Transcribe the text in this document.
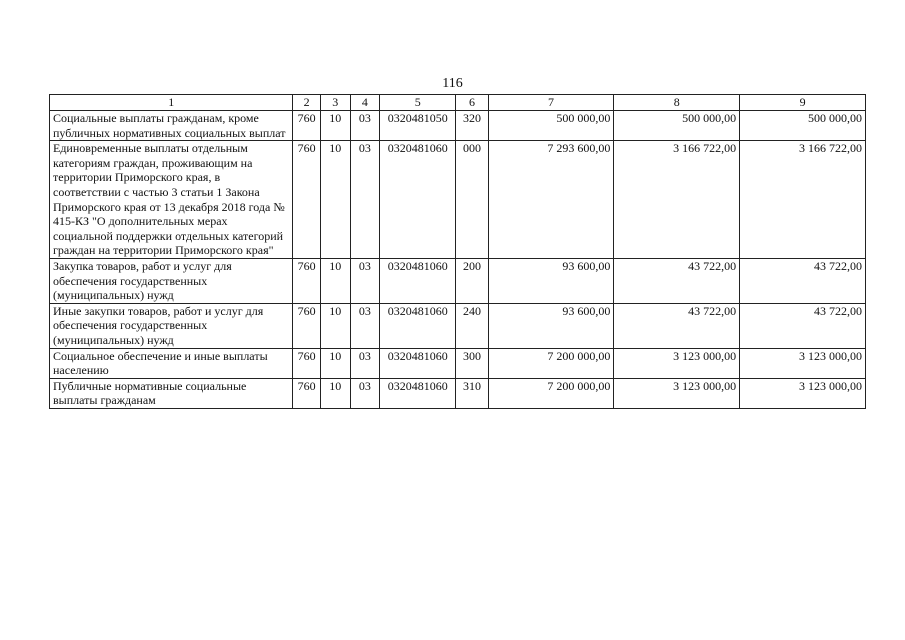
116
1	2	3	4	5	6	7	8	9
Социальные выплаты гражданам, кроме публичных нормативных социальных выплат	760	10	03	0320481050	320	500 000,00	500 000,00	500 000,00
Единовременные выплаты отдельным категориям граждан, проживающим на территории Приморского края, в соответствии с частью 3 статьи 1 Закона Приморского края от 13 декабря 2018 года № 415-КЗ "О дополнительных мерах социальной поддержки отдельных категорий граждан на территории Приморского края"	760	10	03	0320481060	000	7 293 600,00	3 166 722,00	3 166 722,00
Закупка товаров, работ и услуг для обеспечения государственных (муниципальных) нужд	760	10	03	0320481060	200	93 600,00	43 722,00	43 722,00
Иные закупки товаров, работ и услуг для обеспечения государственных (муниципальных) нужд	760	10	03	0320481060	240	93 600,00	43 722,00	43 722,00
Социальное обеспечение и иные выплаты населению	760	10	03	0320481060	300	7 200 000,00	3 123 000,00	3 123 000,00
Публичные нормативные социальные выплаты гражданам	760	10	03	0320481060	310	7 200 000,00	3 123 000,00	3 123 000,00
